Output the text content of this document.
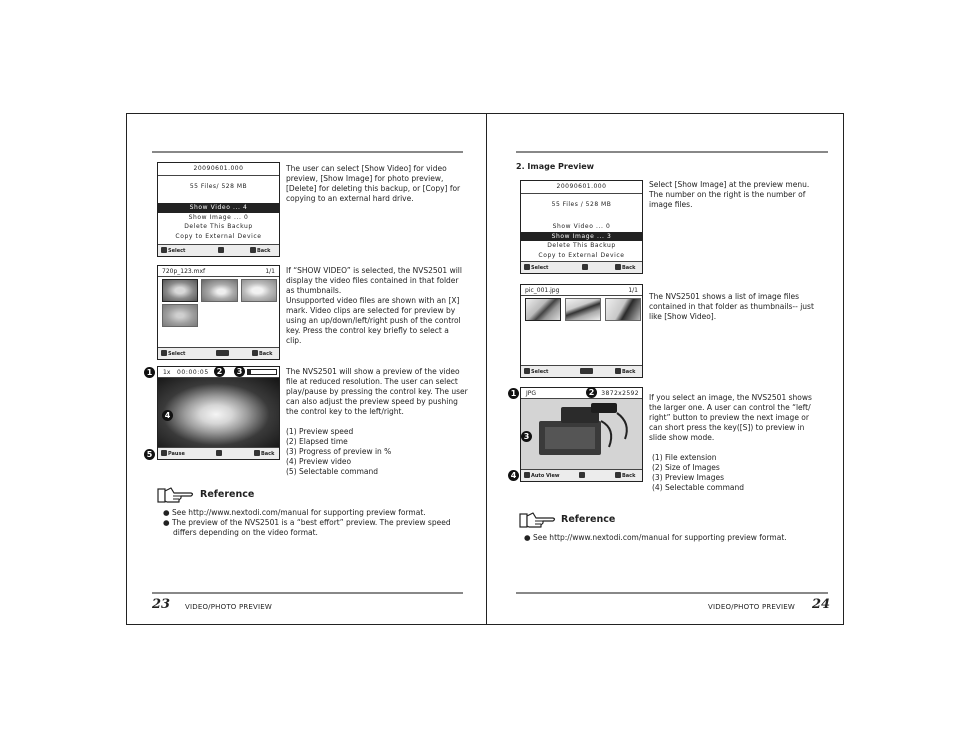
20090601.000
55 Files/ 528 MB
Show Video ... 4
Show Image ... 0
Delete This Backup
Copy to External Device
Select	Back
The user can select [Show Video] for video preview, [Show Image] for photo preview, [Delete] for deleting this backup, or [Copy] for copying to an external hard drive.
720p_123.mxf	1/1
Select	Back

If “SHOW VIDEO” is selected, the NVS2501 will display the video files contained in that folder as thumbnails.

Unsupported video files are shown with an [X] mark. Video clips are selected for preview by using an up/down/left/right push of the control key. Press the control key briefly to select a clip.

1x 00:00:05
Pause	Back
1	2	3
4
5

The NVS2501 will show a preview of the video file at reduced resolution. The user can select play/pause by pressing the control key. The user can also adjust the preview speed by pushing the control key to the left/right.

(1) Preview speed

(2) Elapsed time

(3) Progress of preview in %

(4) Preview video

(5) Selectable command

Reference

● See http://www.nextodi.com/manual for supporting preview format.

● The preview of the NVS2501 is a “best effort” preview. The preview speed differs depending on the video format.

23 VIDEO/PHOTO PREVIEW
2. Image Preview
20090601.000
55 Files / 528 MB
Show Video ... 0
Show Image ... 3
Delete This Backup
Copy to External Device
Select	Back
Select [Show Image] at the preview menu. The number on the right is the number of image files.
pic_001.jpg	1/1
Select	Back
The NVS2501 shows a list of image files contained in that folder as thumbnails-- just like [Show Video].
JPG	3872x2592
Auto View	Back
1	2
3
4

If you select an image, the NVS2501 shows the larger one. A user can control the “left/ right” button to preview the next image or can short press the key([S]) to preview in slide show mode.

(1) File extension

(2) Size of Images

(3) Preview Images

(4) Selectable command

Reference

● See http://www.nextodi.com/manual for supporting preview format.

VIDEO/PHOTO PREVIEW 24
